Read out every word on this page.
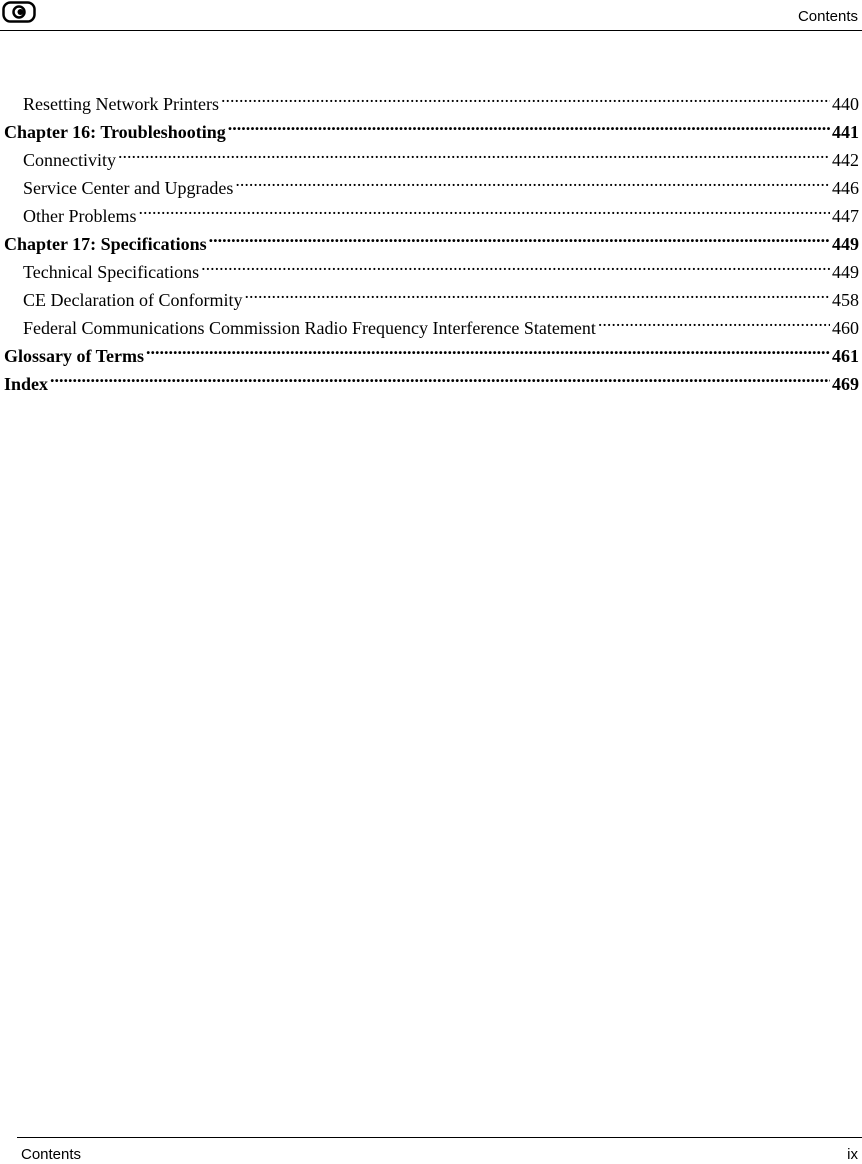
Contents
Resetting Network Printers .....	440
Chapter 16: Troubleshooting .....	441
Connectivity .....	442
Service Center and Upgrades .....	446
Other Problems .....	447
Chapter 17: Specifications .....	449
Technical Specifications .....	449
CE Declaration of Conformity .....	458
Federal Communications Commission Radio Frequency Interference Statement .....	460
Glossary of Terms .....	461
Index .....	469
Contents	ix
